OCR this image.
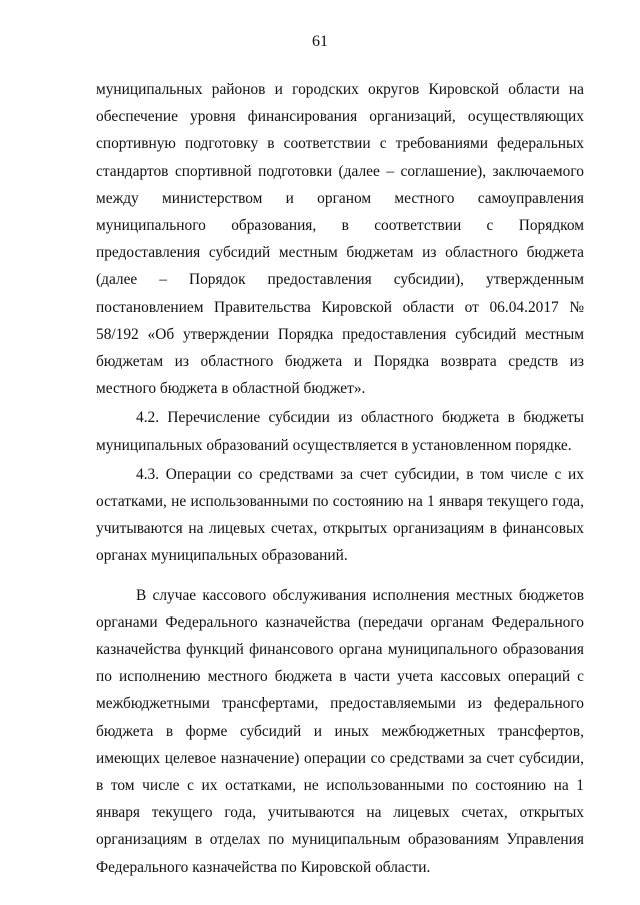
61

муниципальных районов и городских округов Кировской области на обеспечение уровня финансирования организаций, осуществляющих спортивную подготовку в соответствии с требованиями федеральных стандартов спортивной подготовки (далее – соглашение), заключаемого между министерством и органом местного самоуправления муниципального образования, в соответствии с Порядком предоставления субсидий местным бюджетам из областного бюджета (далее – Порядок предоставления субсидии), утвержденным постановлением Правительства Кировской области от 06.04.2017 № 58/192 «Об утверждении Порядка предоставления субсидий местным бюджетам из областного бюджета и Порядка возврата средств из местного бюджета в областной бюджет».

4.2. Перечисление субсидии из областного бюджета в бюджеты муниципальных образований осуществляется в установленном порядке.

4.3. Операции со средствами за счет субсидии, в том числе с их остатками, не использованными по состоянию на 1 января текущего года, учитываются на лицевых счетах, открытых организациям в финансовых органах муниципальных образований.

В случае кассового обслуживания исполнения местных бюджетов органами Федерального казначейства (передачи органам Федерального казначейства функций финансового органа муниципального образования по исполнению местного бюджета в части учета кассовых операций с межбюджетными трансфертами, предоставляемыми из федерального бюджета в форме субсидий и иных межбюджетных трансфертов, имеющих целевое назначение) операции со средствами за счет субсидии, в том числе с их остатками, не использованными по состоянию на 1 января текущего года, учитываются на лицевых счетах, открытых организациям в отделах по муниципальным образованиям Управления Федерального казначейства по Кировской области.
